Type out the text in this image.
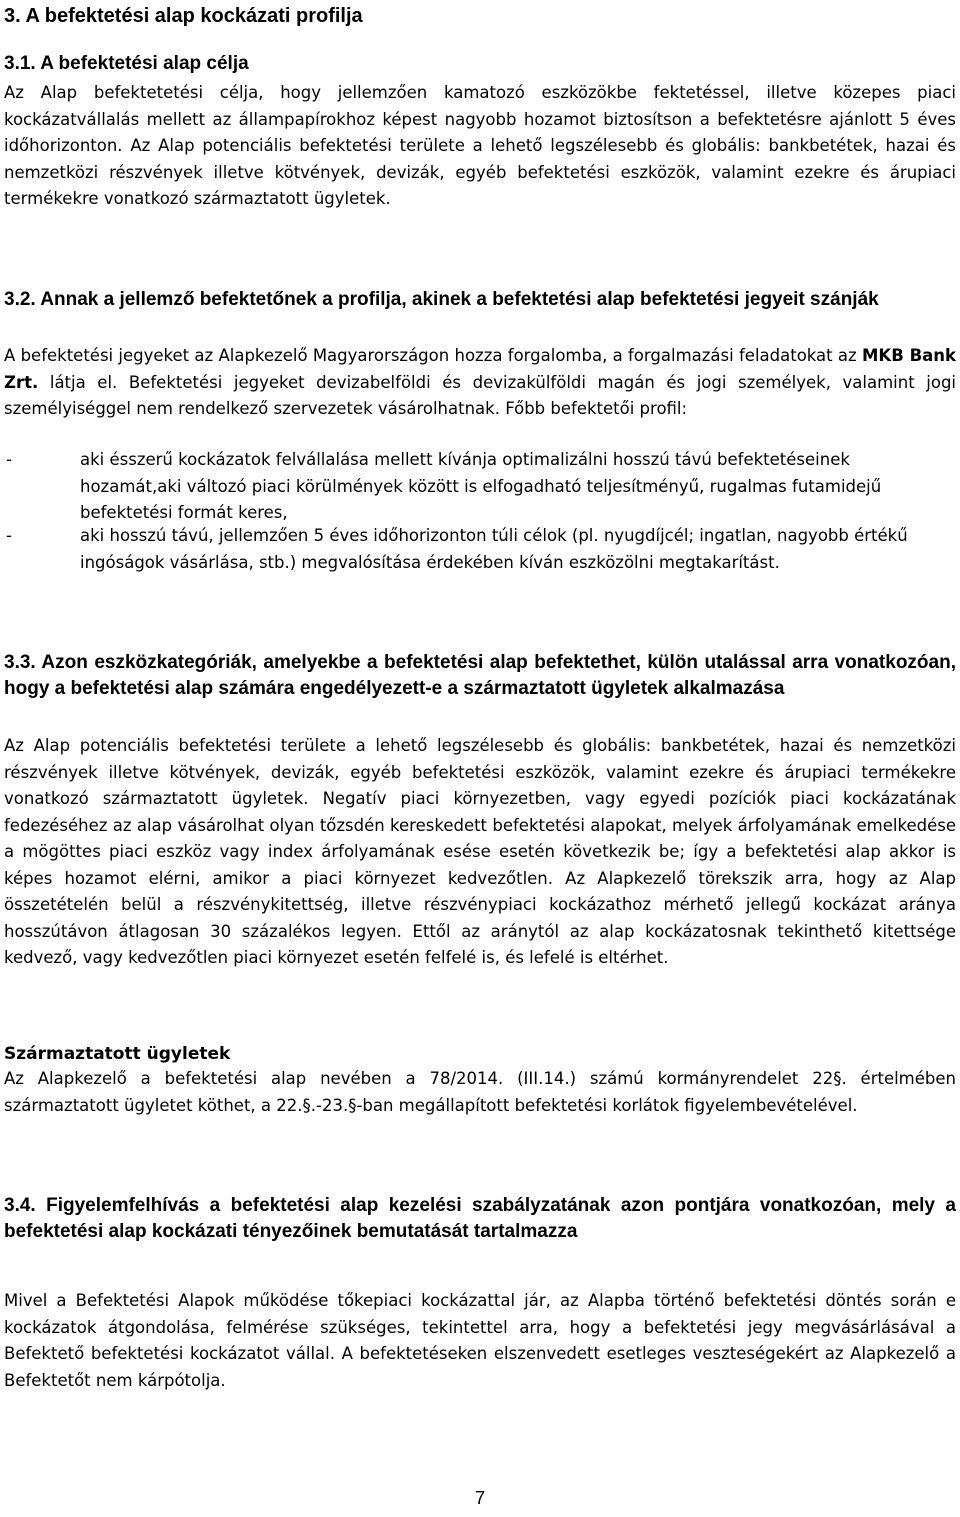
3. A befektetési alap kockázati profilja
3.1. A befektetési alap célja

Az Alap befektetetési célja, hogy jellemzően kamatozó eszközökbe fektetéssel, illetve közepes piaci kockázatvállalás mellett az állampapírokhoz képest nagyobb hozamot biztosítson a befektetésre ajánlott 5 éves időhorizonton. Az Alap potenciális befektetési területe a lehető legszélesebb és globális: bankbetétek, hazai és nemzetközi részvények illetve kötvények, devizák, egyéb befektetési eszközök, valamint ezekre és árupiaci termékekre vonatkozó származtatott ügyletek.

3.2. Annak a jellemző befektetőnek a profilja, akinek a befektetési alap befektetési jegyeit szánják

A befektetési jegyeket az Alapkezelő Magyarországon hozza forgalomba, a forgalmazási feladatokat az MKB Bank Zrt. látja el. Befektetési jegyeket devizabelföldi és devizakülföldi magán és jogi személyek, valamint jogi személyiséggel nem rendelkező szervezetek vásárolhatnak. Főbb befektetői profil:

-	aki ésszerű kockázatok felvállalása mellett kívánja optimalizálni hosszú távú befektetéseinek hozamát,aki változó piaci körülmények között is elfogadható teljesítményű, rugalmas futamidejű befektetési formát keres,
-	aki hosszú távú, jellemzően 5 éves időhorizonton túli célok (pl. nyugdíjcél; ingatlan, nagyobb értékű ingóságok vásárlása, stb.) megvalósítása érdekében kíván eszközölni megtakarítást.
3.3. Azon eszközkategóriák, amelyekbe a befektetési alap befektethet, külön utalással arra vonatkozóan, hogy a befektetési alap számára engedélyezett-e a származtatott ügyletek alkalmazása

Az Alap potenciális befektetési területe a lehető legszélesebb és globális: bankbetétek, hazai és nemzetközi részvények illetve kötvények, devizák, egyéb befektetési eszközök, valamint ezekre és árupiaci termékekre vonatkozó származtatott ügyletek. Negatív piaci környezetben, vagy egyedi pozíciók piaci kockázatának fedezéséhez az alap vásárolhat olyan tőzsdén kereskedett befektetési alapokat, melyek árfolyamának emelkedése a mögöttes piaci eszköz vagy index árfolyamának esése esetén következik be; így a befektetési alap akkor is képes hozamot elérni, amikor a piaci környezet kedvezőtlen. Az Alapkezelő törekszik arra, hogy az Alap összetételén belül a részvénykitettség, illetve részvénypiaci kockázathoz mérhető jellegű kockázat aránya hosszútávon átlagosan 30 százalékos legyen. Ettől az aránytól az alap kockázatosnak tekinthető kitettsége kedvező, vagy kedvezőtlen piaci környezet esetén felfelé is, és lefelé is eltérhet.

Származtatott ügyletek

Az Alapkezelő a befektetési alap nevében a 78/2014. (III.14.) számú kormányrendelet 22§. értelmében származtatott ügyletet köthet, a 22.§.-23.§-ban megállapított befektetési korlátok figyelembevételével.

3.4. Figyelemfelhívás a befektetési alap kezelési szabályzatának azon pontjára vonatkozóan, mely a befektetési alap kockázati tényezőinek bemutatását tartalmazza

Mivel a Befektetési Alapok működése tőkepiaci kockázattal jár, az Alapba történő befektetési döntés során e kockázatok átgondolása, felmérése szükséges, tekintettel arra, hogy a befektetési jegy megvásárlásával a Befektető befektetési kockázatot vállal. A befektetéseken elszenvedett esetleges veszteségekért az Alapkezelő a Befektetőt nem kárpótolja.

7
